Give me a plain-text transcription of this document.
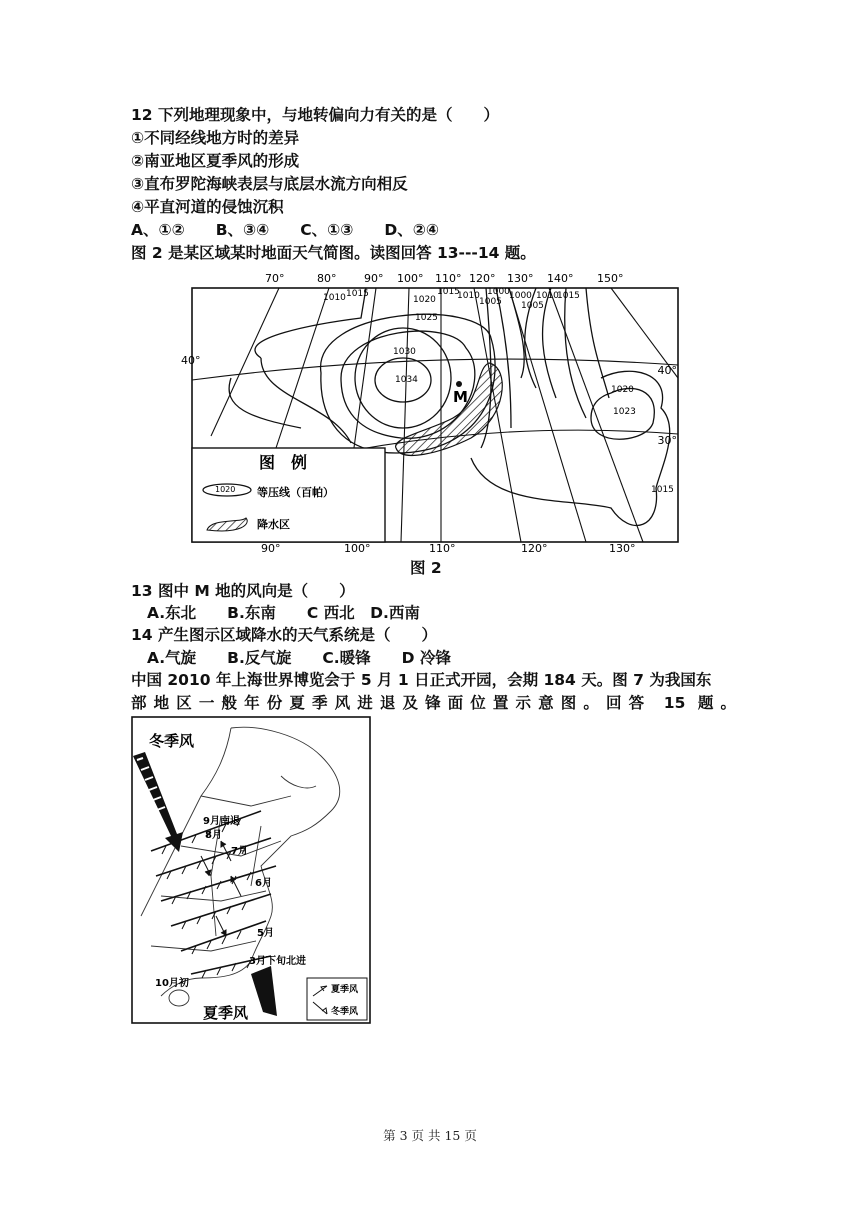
12 下列地理现象中，与地转偏向力有关的是（　　）
①不同经线地方时的差异
②南亚地区夏季风的形成
③直布罗陀海峡表层与底层水流方向相反
④平直河道的侵蚀沉积
A、①②　　B、③④　　C、①③　　D、②④
图 2 是某区域某时地面天气简图。读图回答 13---14 题。
M
70°	80°	90° 100° 110° 120° 130° 140° 150°
90°	100°	110°	120°	130°
40°
40°
30°
1010 1015
1020
1025
1030
1034
1015
1010
1005
1000
1000
1005
1010
1015
1020
1023
1015
图　例
1020 等压线（百帕）
降水区
图 2
13 图中 M 地的风向是（　　）
A.东北　　B.东南　　C 西北　D.西南
14 产生图示区域降水的天气系统是（　　）
A.气旋　　B.反气旋　　C.暖锋　　D 冷锋
中国 2010 年上海世界博览会于 5 月 1 日正式开园，会期 184 天。图 7 为我国东
部地区一般年份夏季风进退及锋面位置示意图。回答 15 题。
冬季风
夏季风
9月南退
8月
7月
6月
5月
3月下旬北进
10月初
夏季风
冬季风
第 3 页 共 15 页
